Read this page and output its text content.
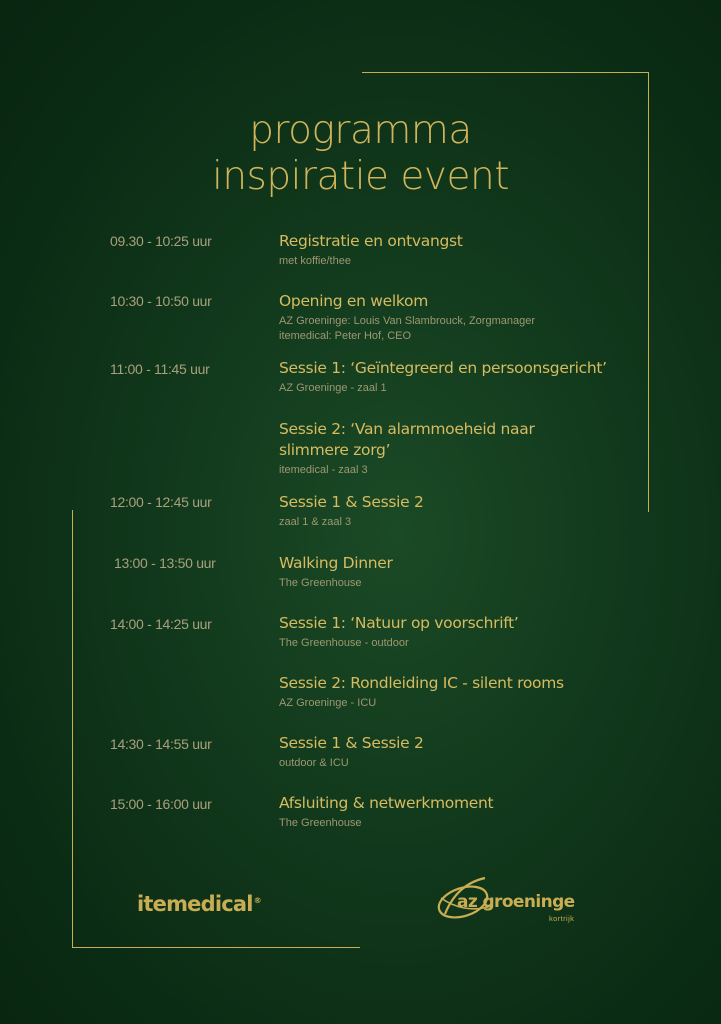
programma
inspiratie event
09.30 - 10:25 uur
10:30 - 10:50 uur
11:00 - 11:45 uur
12:00 - 12:45 uur
13:00 - 13:50 uur
14:00 - 14:25 uur
14:30 - 14:55 uur
15:00 - 16:00 uur
Registratie en ontvangst
met koffie/thee
Opening en welkom
AZ Groeninge: Louis Van Slambrouck, Zorgmanager
itemedical: Peter Hof, CEO
Sessie 1: ‘Geïntegreerd en persoonsgericht’
AZ Groeninge - zaal 1
Sessie 2: ‘Van alarmmoeheid naar slimmere zorg’
itemedical - zaal 3
Sessie 1 & Sessie 2
zaal 1 & zaal 3
Walking Dinner
The Greenhouse
Sessie 1: ‘Natuur op voorschrift’
The Greenhouse - outdoor
Sessie 2: Rondleiding IC - silent rooms
AZ Groeninge - ICU
Sessie 1 & Sessie 2
outdoor & ICU
Afsluiting & netwerkmoment
The Greenhouse
itemedical®	az groeninge
kortrijk
